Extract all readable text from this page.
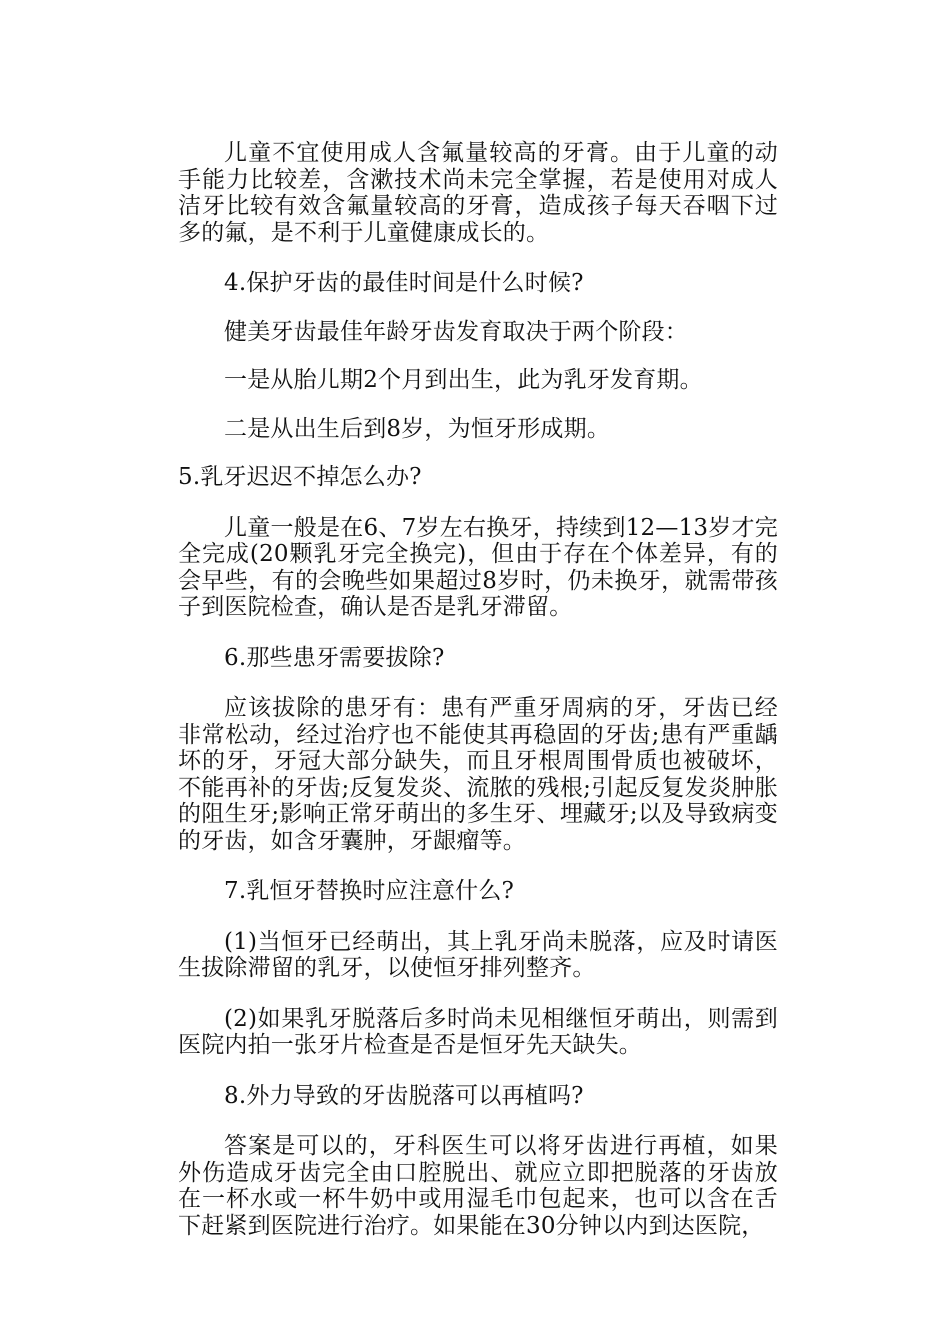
儿童不宜使用成人含氟量较高的牙膏。由于儿童的动手能力比较差，含漱技术尚未完全掌握，若是使用对成人洁牙比较有效含氟量较高的牙膏，造成孩子每天吞咽下过多的氟，是不利于儿童健康成长的。

4.保护牙齿的最佳时间是什么时候?

健美牙齿最佳年龄牙齿发育取决于两个阶段：

一是从胎儿期2个月到出生，此为乳牙发育期。

二是从出生后到8岁，为恒牙形成期。

5.乳牙迟迟不掉怎么办?

儿童一般是在6、7岁左右换牙，持续到12—13岁才完全完成(20颗乳牙完全换完)，但由于存在个体差异，有的会早些，有的会晚些如果超过8岁时，仍未换牙，就需带孩子到医院检查，确认是否是乳牙滞留。

6.那些患牙需要拔除?

应该拔除的患牙有：患有严重牙周病的牙，牙齿已经非常松动，经过治疗也不能使其再稳固的牙齿;患有严重龋坏的牙，牙冠大部分缺失，而且牙根周围骨质也被破坏，不能再补的牙齿;反复发炎、流脓的残根;引起反复发炎肿胀的阻生牙;影响正常牙萌出的多生牙、埋藏牙;以及导致病变的牙齿，如含牙囊肿，牙龈瘤等。

7.乳恒牙替换时应注意什么?

(1)当恒牙已经萌出，其上乳牙尚未脱落，应及时请医生拔除滞留的乳牙，以使恒牙排列整齐。

(2)如果乳牙脱落后多时尚未见相继恒牙萌出，则需到医院内拍一张牙片检查是否是恒牙先天缺失。

8.外力导致的牙齿脱落可以再植吗?

答案是可以的，牙科医生可以将牙齿进行再植，如果外伤造成牙齿完全由口腔脱出、就应立即把脱落的牙齿放在一杯水或一杯牛奶中或用湿毛巾包起来，也可以含在舌下赶紧到医院进行治疗。如果能在30分钟以内到达医院，
